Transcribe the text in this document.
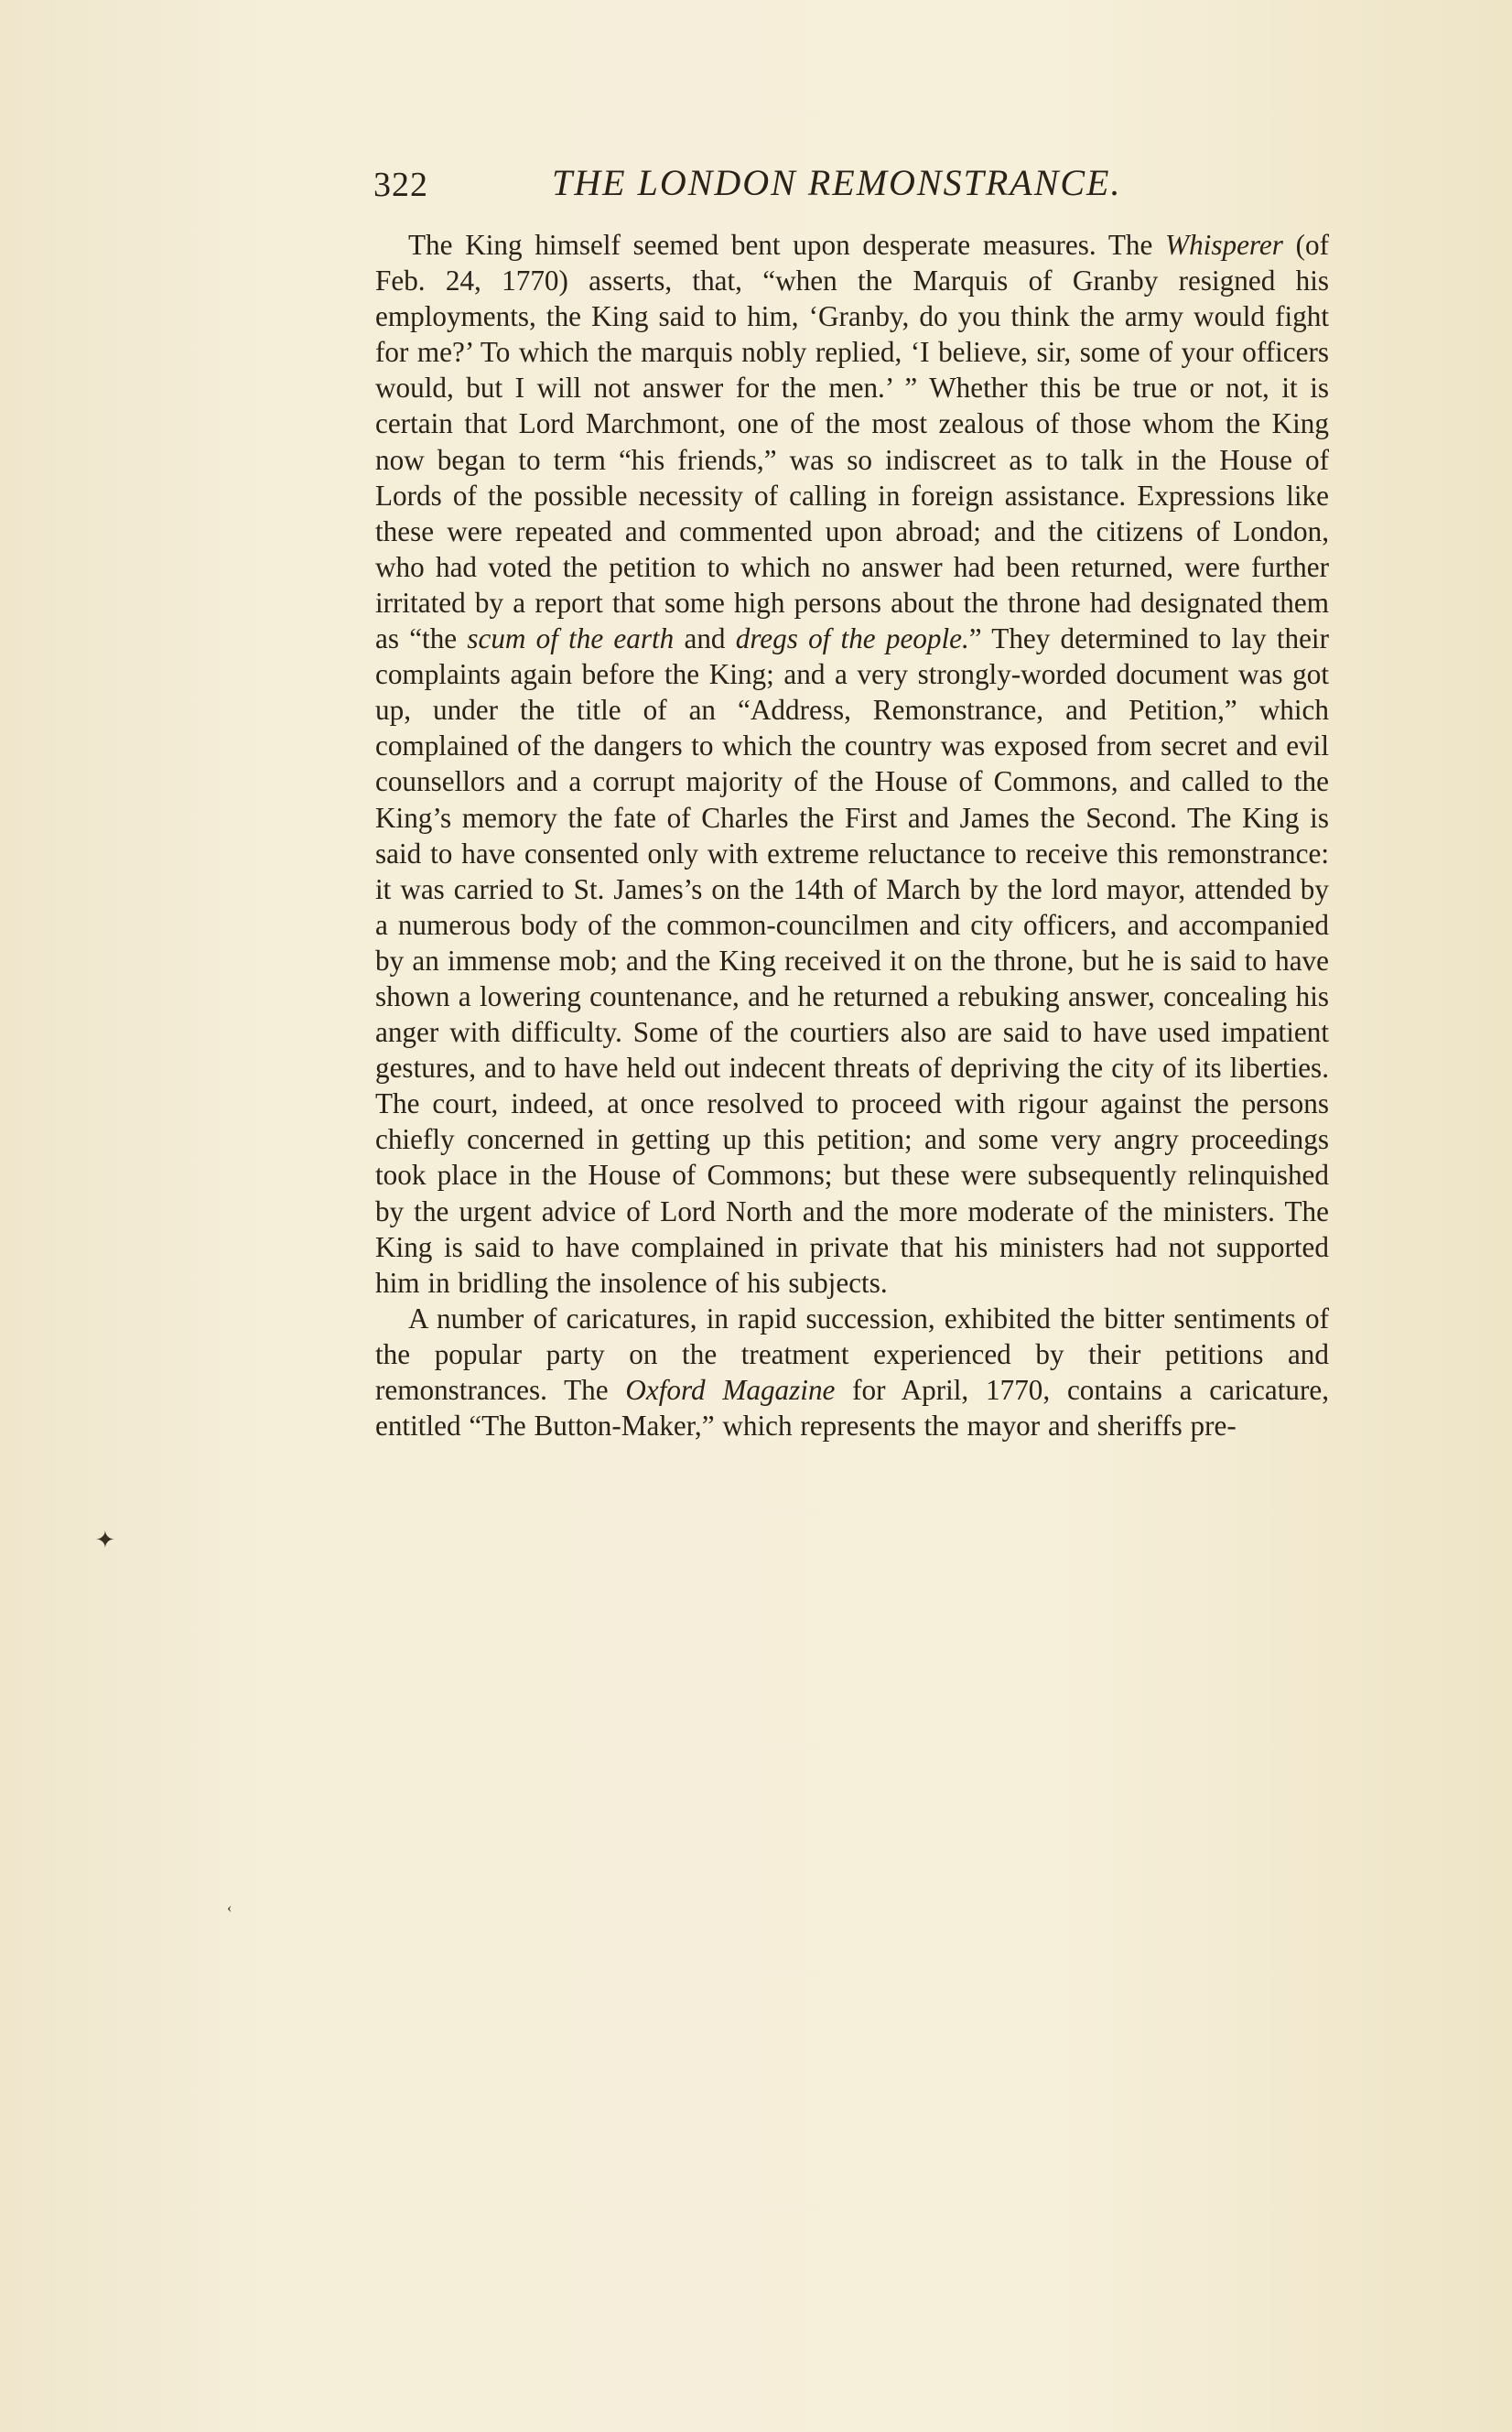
322	THE LONDON REMONSTRANCE.

The King himself seemed bent upon desperate measures. The Whisperer (of Feb. 24, 1770) asserts, that, “when the Marquis of Granby resigned his employments, the King said to him, ‘Granby, do you think the army would fight for me?’ To which the marquis nobly replied, ‘I believe, sir, some of your officers would, but I will not answer for the men.’ ” Whether this be true or not, it is certain that Lord Marchmont, one of the most zealous of those whom the King now began to term “his friends,” was so indiscreet as to talk in the House of Lords of the possible necessity of calling in foreign assistance. Expressions like these were repeated and commented upon abroad; and the citizens of London, who had voted the petition to which no answer had been returned, were further irritated by a report that some high persons about the throne had designated them as “the scum of the earth and dregs of the people.” They determined to lay their complaints again before the King; and a very strongly-worded document was got up, under the title of an “Address, Remonstrance, and Petition,” which complained of the dangers to which the country was exposed from secret and evil counsellors and a corrupt majority of the House of Commons, and called to the King’s memory the fate of Charles the First and James the Second. The King is said to have consented only with extreme reluctance to receive this remonstrance: it was carried to St. James’s on the 14th of March by the lord mayor, attended by a numerous body of the common-councilmen and city officers, and accompanied by an immense mob; and the King received it on the throne, but he is said to have shown a lowering countenance, and he returned a rebuking answer, concealing his anger with difficulty. Some of the courtiers also are said to have used impatient gestures, and to have held out indecent threats of depriving the city of its liberties. The court, indeed, at once resolved to proceed with rigour against the persons chiefly concerned in getting up this petition; and some very angry proceedings took place in the House of Commons; but these were subsequently relinquished by the urgent advice of Lord North and the more moderate of the ministers. The King is said to have complained in private that his ministers had not supported him in bridling the insolence of his subjects.

A number of caricatures, in rapid succession, exhibited the bitter sentiments of the popular party on the treatment experienced by their petitions and remonstrances. The Oxford Magazine for April, 1770, contains a caricature, entitled “The Button-Maker,” which represents the mayor and sheriffs pre-

✦
‹
